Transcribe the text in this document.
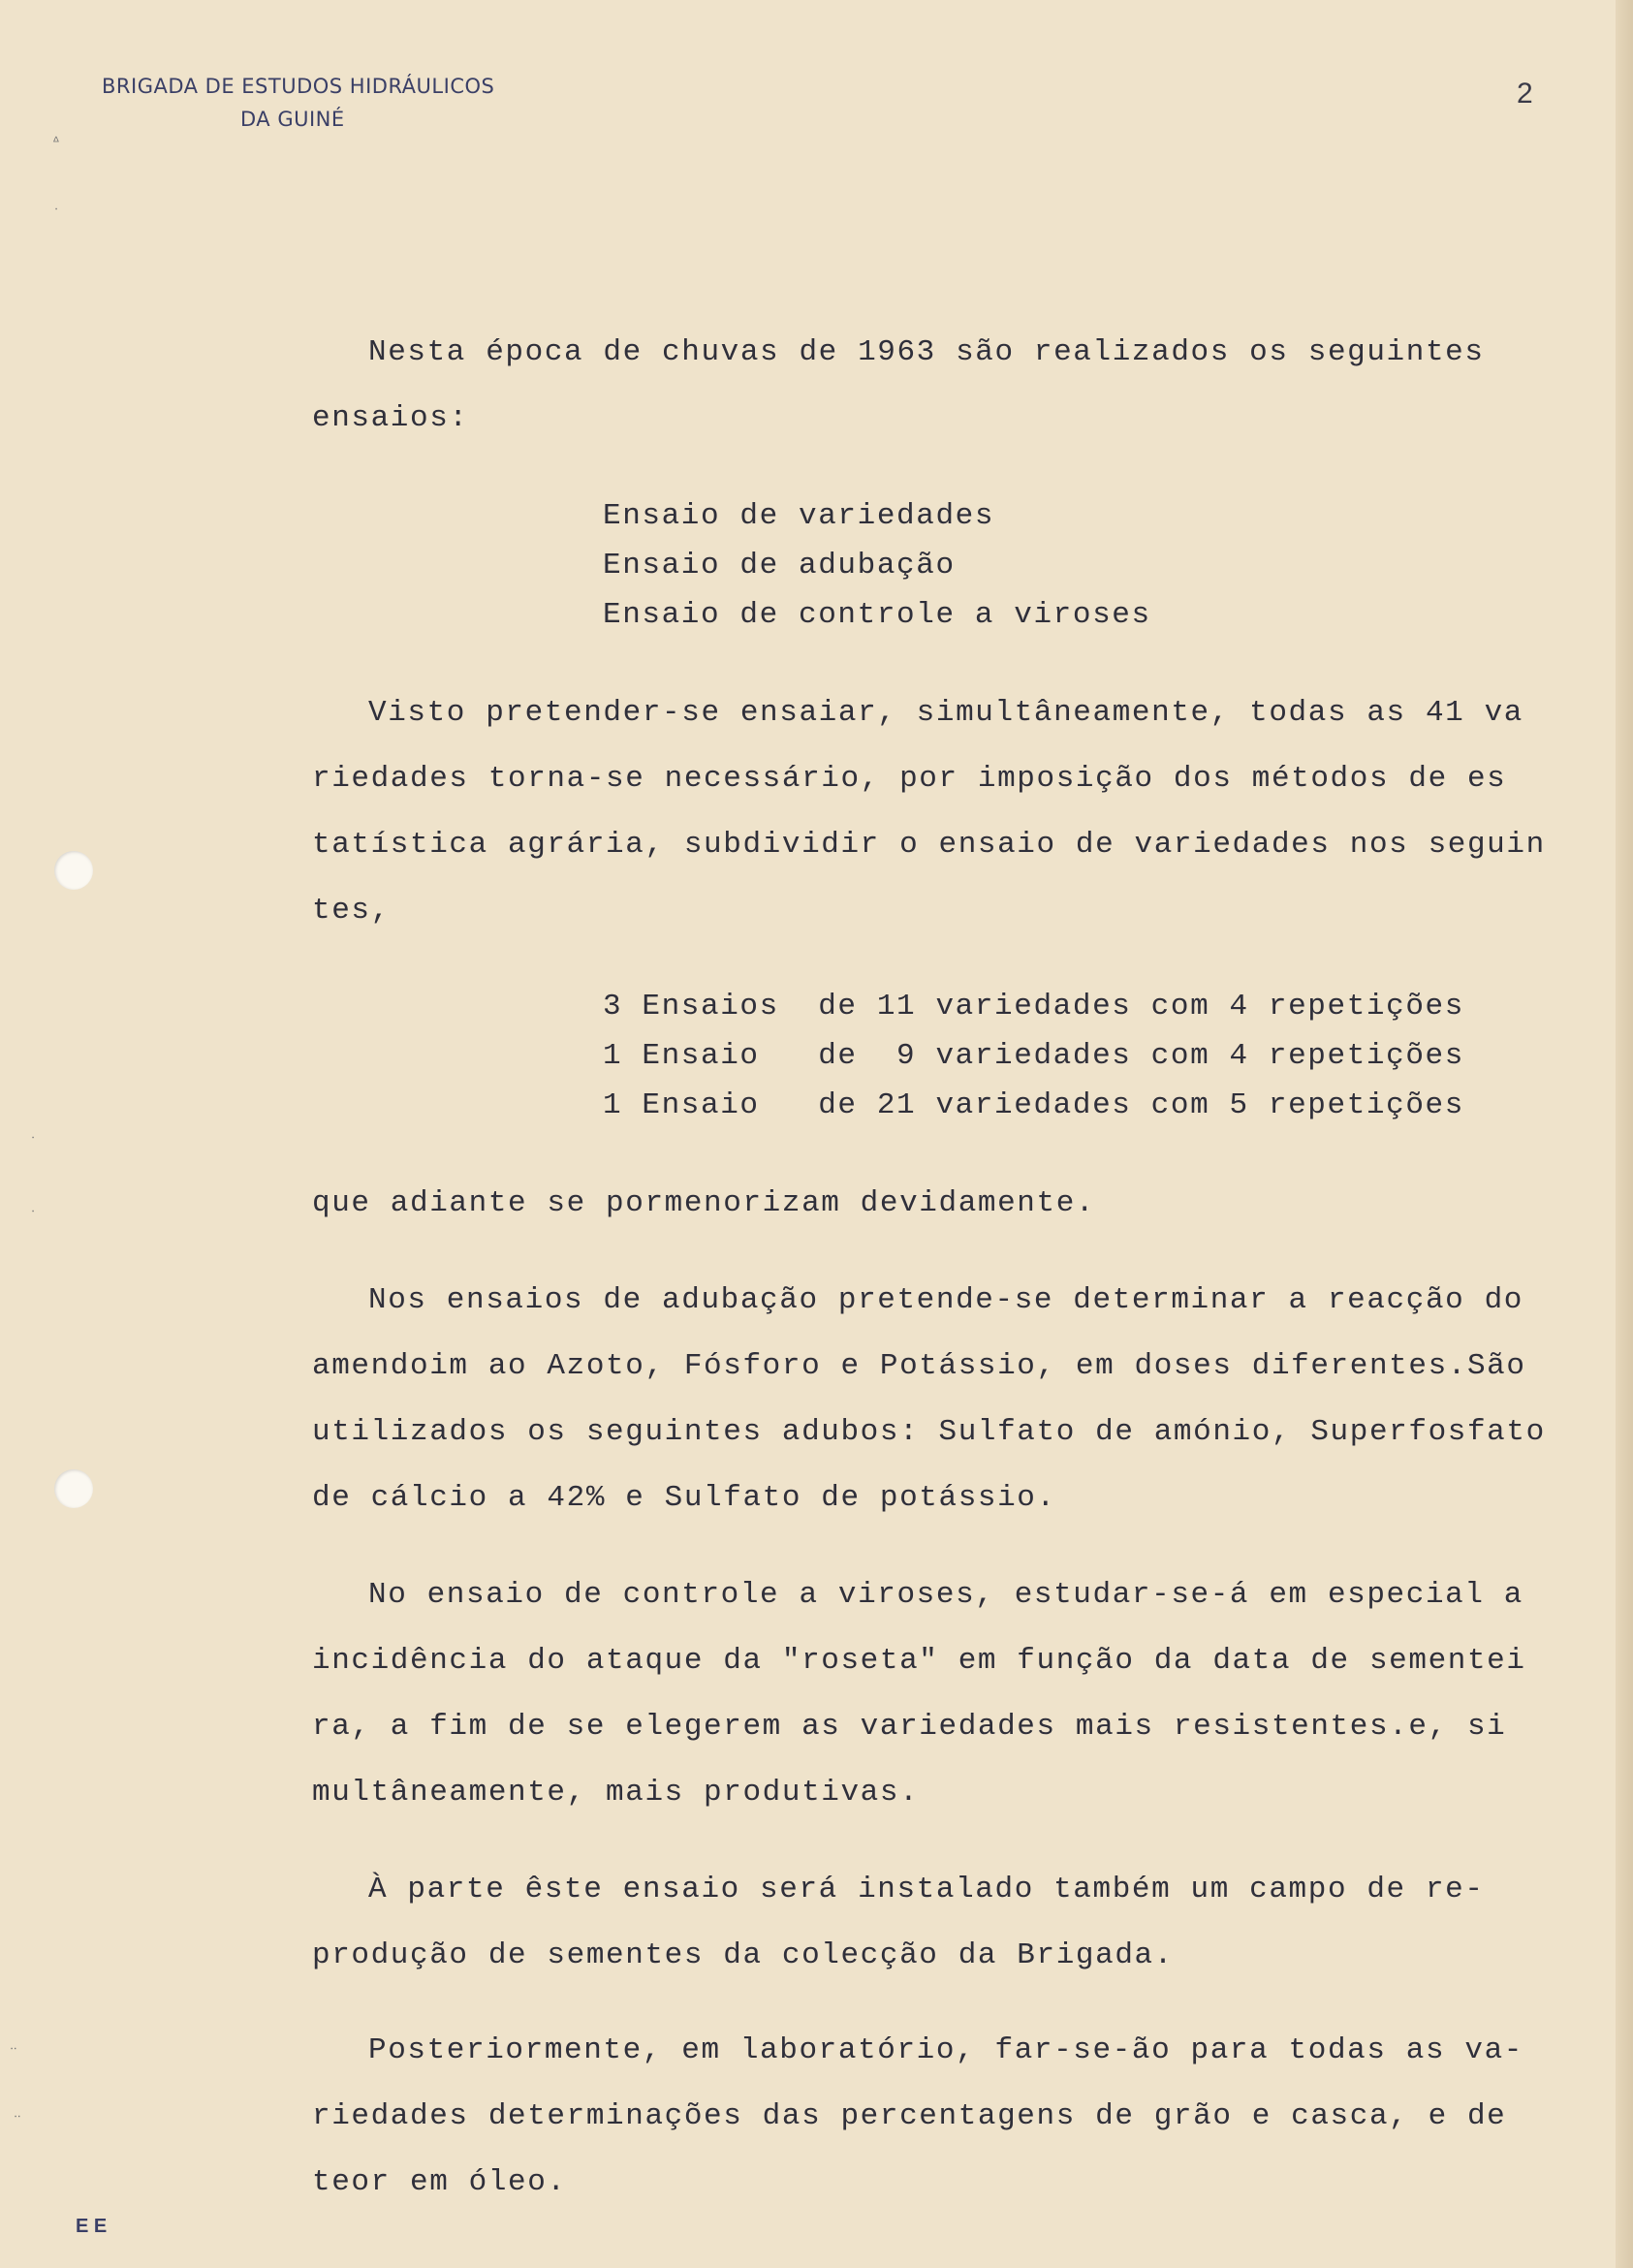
BRIGADA DE ESTUDOS HIDRÁULICOS
DA GUINÉ
2
ᐞ
ᐝ
ᐝ
ᐝ
ᐝᐝ
ᐝᐝ
Nesta época de chuvas de 1963 são realizados os seguintes
ensaios:
Ensaio de variedades
Ensaio de adubação
Ensaio de controle a viroses
Visto pretender-se ensaiar, simultâneamente, todas as 41 va
riedades torna-se necessário, por imposição dos métodos de es
tatística agrária, subdividir o ensaio de variedades nos seguin
tes,
3 Ensaios  de 11 variedades com 4 repetições
1 Ensaio   de  9 variedades com 4 repetições
1 Ensaio   de 21 variedades com 5 repetições
que adiante se pormenorizam devidamente.
Nos ensaios de adubação pretende-se determinar a reacção do
amendoim ao Azoto, Fósforo e Potássio, em doses diferentes.São
utilizados os seguintes adubos: Sulfato de amónio, Superfosfato
de cálcio a 42% e Sulfato de potássio.
No ensaio de controle a viroses, estudar-se-á em especial a
incidência do ataque da "roseta" em função da data de sementei
ra, a fim de se elegerem as variedades mais resistentes.e, si
multâneamente, mais produtivas.
À parte êste ensaio será instalado também um campo de re-
produção de sementes da colecção da Brigada.
Posteriormente, em laboratório, far-se-ão para todas as va-
riedades determinações das percentagens de grão e casca, e de
teor em óleo.
E E
